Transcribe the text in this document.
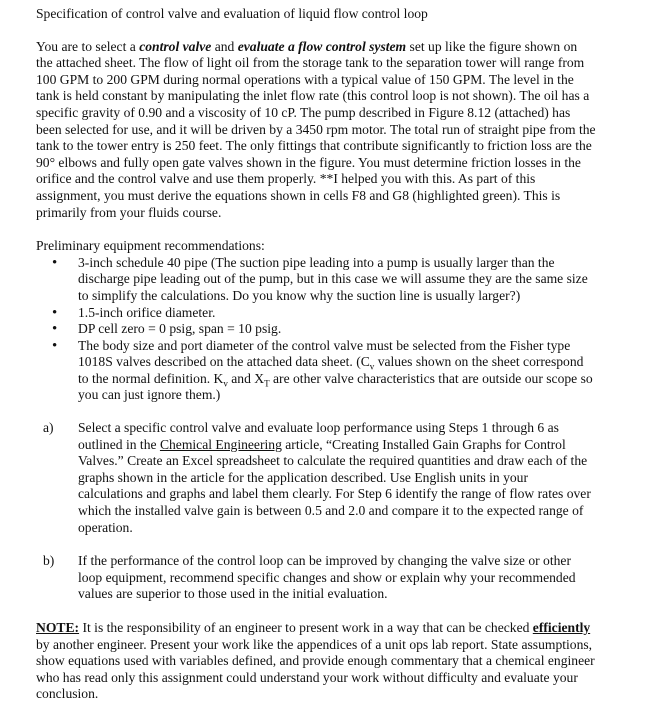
Specification of control valve and evaluation of liquid flow control loop

You are to select a control valve and evaluate a flow control system set up like the figure shown on the attached sheet. The flow of light oil from the storage tank to the separation tower will range from 100 GPM to 200 GPM during normal operations with a typical value of 150 GPM. The level in the tank is held constant by manipulating the inlet flow rate (this control loop is not shown). The oil has a specific gravity of 0.90 and a viscosity of 10 cP. The pump described in Figure 8.12 (attached) has been selected for use, and it will be driven by a 3450 rpm motor. The total run of straight pipe from the tank to the tower entry is 250 feet. The only fittings that contribute significantly to friction loss are the 90° elbows and fully open gate valves shown in the figure. You must determine friction losses in the orifice and the control valve and use them properly. **I helped you with this. As part of this assignment, you must derive the equations shown in cells F8 and G8 (highlighted green). This is primarily from your fluids course.

Preliminary equipment recommendations:

• 3-inch schedule 40 pipe (The suction pipe leading into a pump is usually larger than the discharge pipe leading out of the pump, but in this case we will assume they are the same size to simplify the calculations. Do you know why the suction line is usually larger?)
• 1.5-inch orifice diameter.
• DP cell zero = 0 psig, span = 10 psig.
• The body size and port diameter of the control valve must be selected from the Fisher type 1018S valves described on the attached data sheet. ($C_v$ values shown on the sheet correspond to the normal definition. $K_v$ and $X_T$ are other valve characteristics that are outside our scope so you can just ignore them.)
a) Select a specific control valve and evaluate loop performance using Steps 1 through 6 as outlined in the Chemical Engineering article, “Creating Installed Gain Graphs for Control Valves.” Create an Excel spreadsheet to calculate the required quantities and draw each of the graphs shown in the article for the application described. Use English units in your calculations and graphs and label them clearly. For Step 6 identify the range of flow rates over which the installed valve gain is between 0.5 and 2.0 and compare it to the expected range of operation.
b) If the performance of the control loop can be improved by changing the valve size or other loop equipment, recommend specific changes and show or explain why your recommended values are superior to those used in the initial evaluation.

NOTE: It is the responsibility of an engineer to present work in a way that can be checked efficiently by another engineer. Present your work like the appendices of a unit ops lab report. State assumptions, show equations used with variables defined, and provide enough commentary that a chemical engineer who has read only this assignment could understand your work without difficulty and evaluate your conclusion.
